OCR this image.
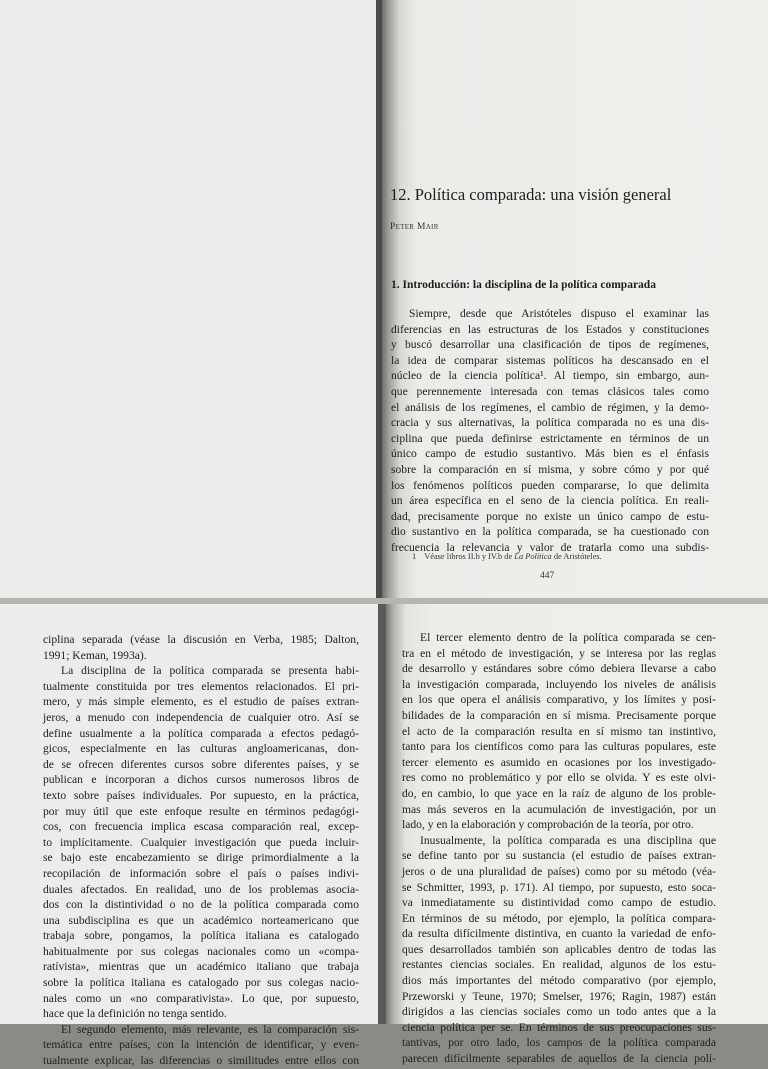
12. Política comparada: una visión general
Peter Mair
1. Introducción: la disciplina de la política comparada
Siempre, desde que Aristóteles dispuso el examinar las
diferencias en las estructuras de los Estados y constituciones
y buscó desarrollar una clasificación de tipos de regímenes,
la idea de comparar sistemas políticos ha descansado en el
núcleo de la ciencia política¹. Al tiempo, sin embargo, aun-
que perennemente interesada con temas clásicos tales como
el análisis de los regímenes, el cambio de régimen, y la demo-
cracia y sus alternativas, la política comparada no es una dis-
ciplina que pueda definirse estrictamente en términos de un
único campo de estudio sustantivo. Más bien es el énfasis
sobre la comparación en sí misma, y sobre cómo y por qué
los fenómenos políticos pueden compararse, lo que delimita
un área específica en el seno de la ciencia política. En reali-
dad, precisamente porque no existe un único campo de estu-
dio sustantivo en la política comparada, se ha cuestionado con
frecuencia la relevancia y valor de tratarla como una subdis-
1 Véase libros II.b y IV.b de La Política de Aristóteles.
447
ciplina separada (véase la discusión en Verba, 1985; Dalton,
1991; Keman, 1993a).
La disciplina de la política comparada se presenta habi-
tualmente constituida por tres elementos relacionados. El pri-
mero, y más simple elemento, es el estudio de países extran-
jeros, a menudo con independencia de cualquier otro. Así se
define usualmente a la política comparada a efectos pedagó-
gicos, especialmente en las culturas angloamericanas, don-
de se ofrecen diferentes cursos sobre diferentes países, y se
publican e incorporan a dichos cursos numerosos libros de
texto sobre países individuales. Por supuesto, en la práctica,
por muy útil que este enfoque resulte en términos pedagógi-
cos, con frecuencia implica escasa comparación real, excep-
to implícitamente. Cualquier investigación que pueda incluir-
se bajo este encabezamiento se dirige primordialmente a la
recopilación de información sobre el país o países indivi-
duales afectados. En realidad, uno de los problemas asocia-
dos con la distintividad o no de la política comparada como
una subdisciplina es que un académico norteamericano que
trabaja sobre, pongamos, la política italiana es catalogado
habitualmente por sus colegas nacionales como un «compa-
ratívista», mientras que un académico italiano que trabaja
sobre la política italiana es catalogado por sus colegas nacio-
nales como un «no comparativista». Lo que, por supuesto,
hace que la definición no tenga sentido.
El segundo elemento, más relevante, es la comparación sis-
temática entre países, con la intención de identificar, y even-
tualmente explicar, las diferencias o similitudes entre ellos con
El tercer elemento dentro de la política comparada se cen-
tra en el método de investigación, y se interesa por las reglas
de desarrollo y estándares sobre cómo debiera llevarse a cabo
la investigación comparada, incluyendo los niveles de análisis
en los que opera el análisis comparativo, y los límites y posi-
bilidades de la comparación en sí misma. Precisamente porque
el acto de la comparación resulta en sí mismo tan instintivo,
tanto para los científicos como para las culturas populares, este
tercer elemento es asumido en ocasiones por los investigado-
res como no problemático y por ello se olvida. Y es este olvi-
do, en cambio, lo que yace en la raíz de alguno de los proble-
mas más severos en la acumulación de investigación, por un
lado, y en la elaboración y comprobación de la teoría, por otro.
Inusualmente, la política comparada es una disciplina que
se define tanto por su sustancia (el estudio de países extran-
jeros o de una pluralidad de países) como por su método (véa-
se Schmitter, 1993, p. 171). Al tiempo, por supuesto, esto soca-
va inmediatamente su distintividad como campo de estudio.
En términos de su método, por ejemplo, la política compara-
da resulta difícilmente distintiva, en cuanto la variedad de enfo-
ques desarrollados también son aplicables dentro de todas las
restantes ciencias sociales. En realidad, algunos de los estu-
dios más importantes del método comparativo (por ejemplo,
Przeworski y Teune, 1970; Smelser, 1976; Ragin, 1987) están
dirigidos a las ciencias sociales como un todo antes que a la
ciencia política per se. En términos de sus preocupaciones sus-
tantivas, por otro lado, los campos de la política comparada
parecen difícilmente separables de aquellos de la ciencia polí-
